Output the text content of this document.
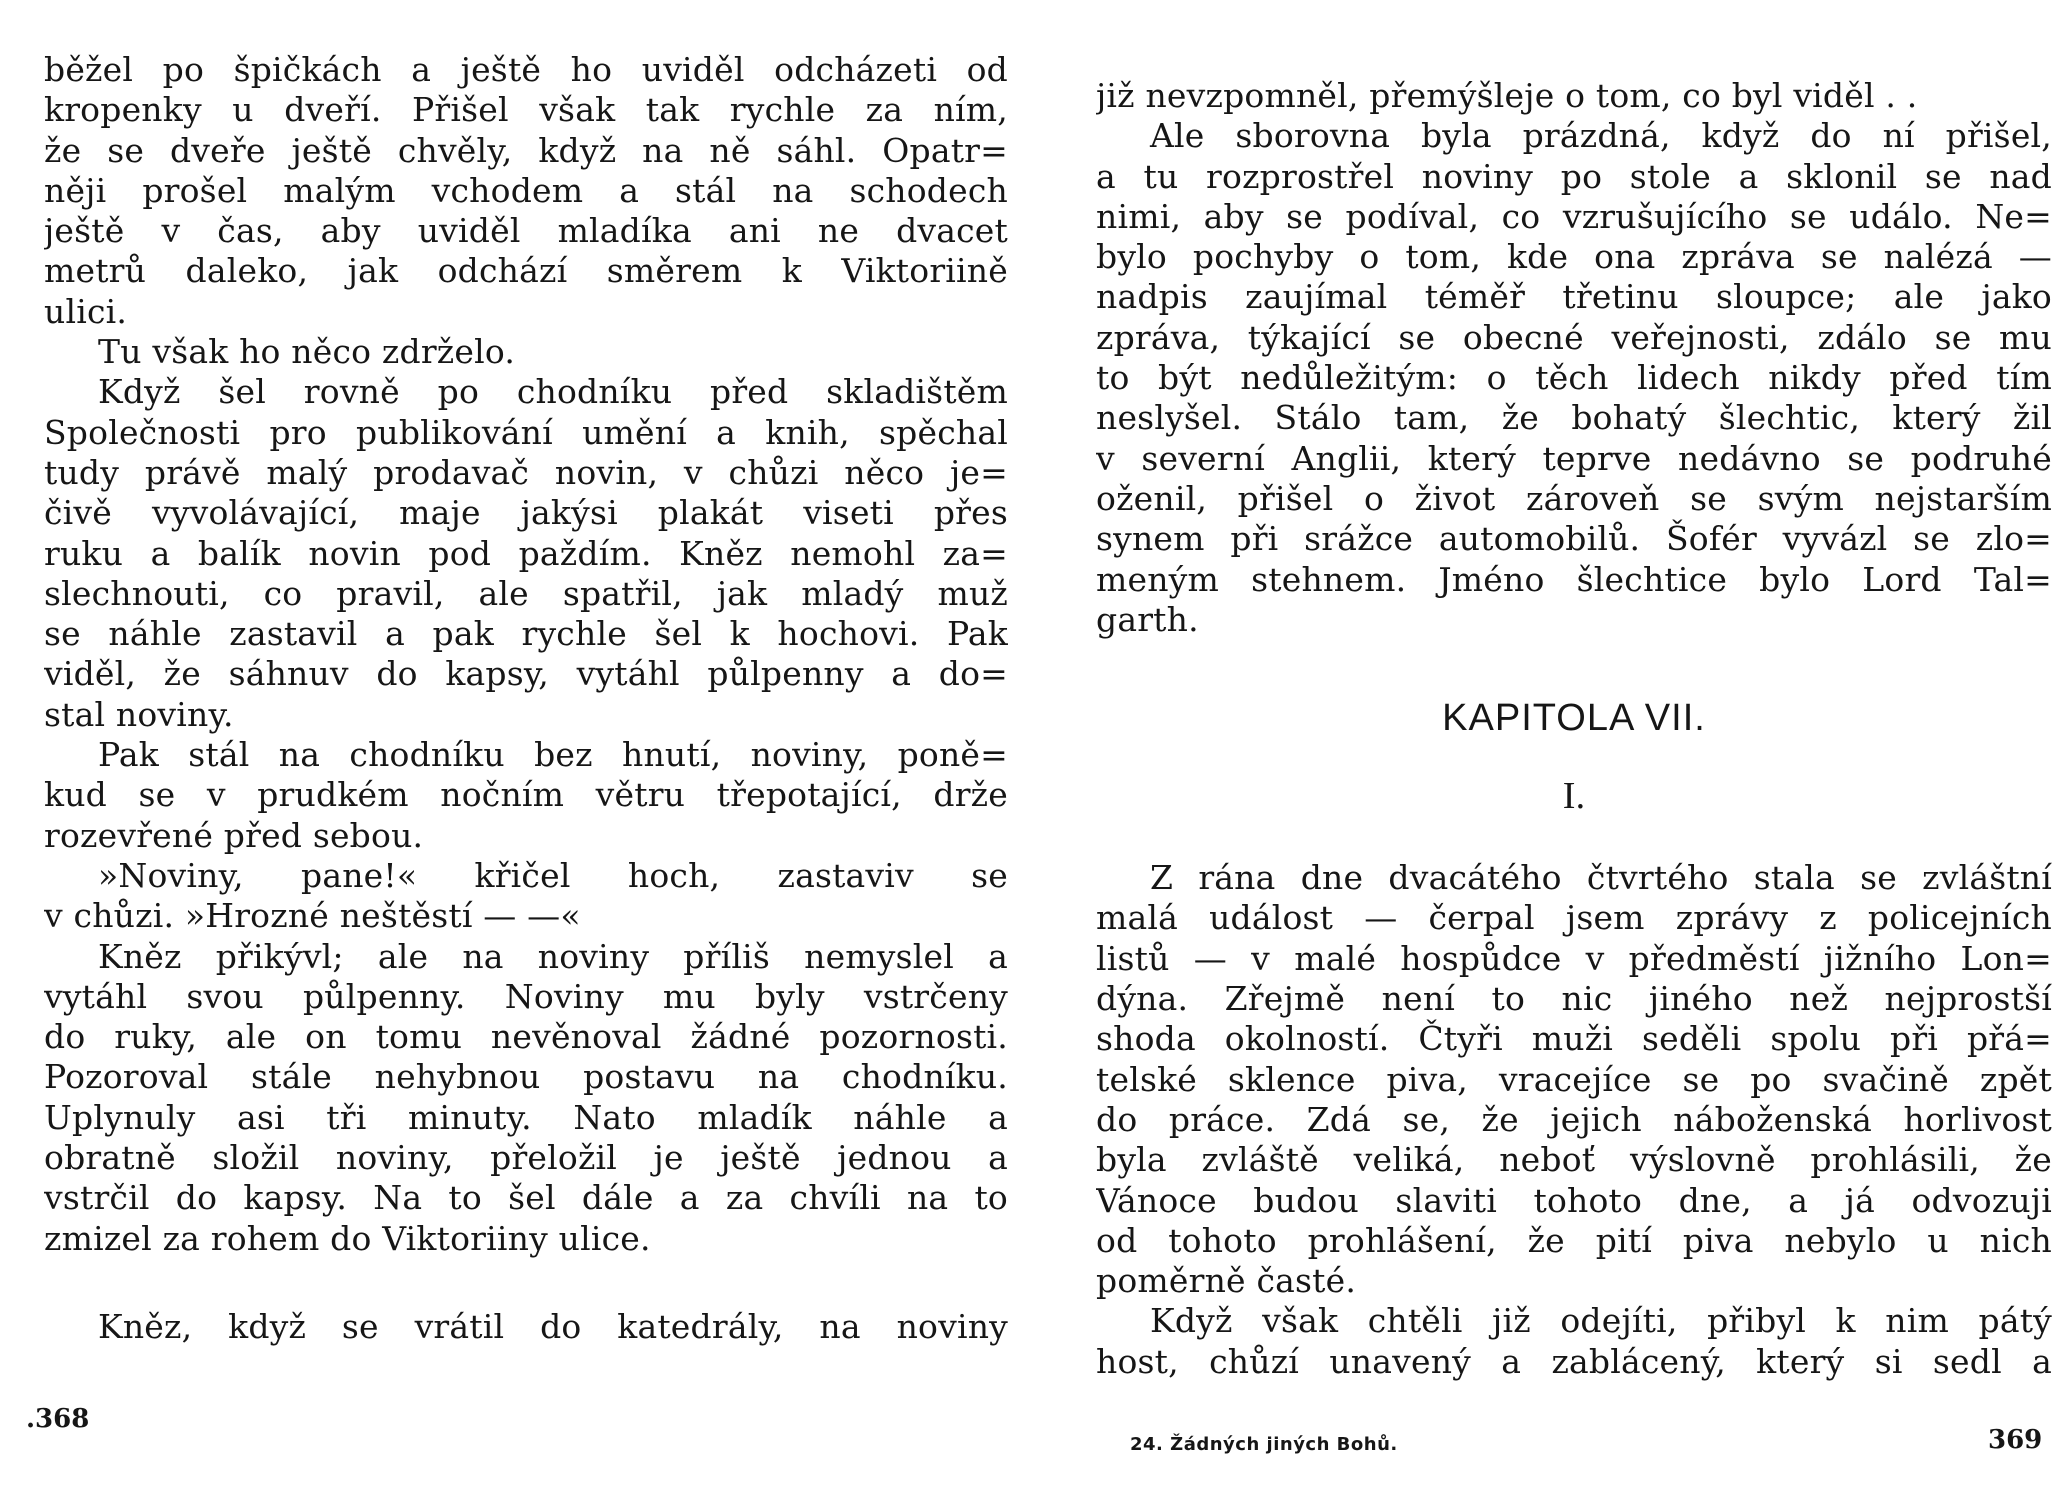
běžel po špičkách a ještě ho uviděl odcházeti od
kropenky u dveří. Přišel však tak rychle za ním,
že se dveře ještě chvěly, když na ně sáhl. Opatr=
něji prošel malým vchodem a stál na schodech
ještě v čas, aby uviděl mladíka ani ne dvacet
metrů daleko, jak odchází směrem k Viktoriině
ulici.
Tu však ho něco zdrželo.
Když šel rovně po chodníku před skladištěm
Společnosti pro publikování umění a knih, spěchal
tudy právě malý prodavač novin, v chůzi něco je=
čivě vyvolávající, maje jakýsi plakát viseti přes
ruku a balík novin pod paždím. Kněz nemohl za=
slechnouti, co pravil, ale spatřil, jak mladý muž
se náhle zastavil a pak rychle šel k hochovi. Pak
viděl, že sáhnuv do kapsy, vytáhl půlpenny a do=
stal noviny.
Pak stál na chodníku bez hnutí, noviny, poně=
kud se v prudkém nočním větru třepotající, drže
rozevřené před sebou.
»Noviny, pane!« křičel hoch, zastaviv se
v chůzi. »Hrozné neštěstí — —«
Kněz přikývl; ale na noviny příliš nemyslel a
vytáhl svou půlpenny. Noviny mu byly vstrčeny
do ruky, ale on tomu nevěnoval žádné pozornosti.
Pozoroval stále nehybnou postavu na chodníku.
Uplynuly asi tři minuty. Nato mladík náhle a
obratně složil noviny, přeložil je ještě jednou a
vstrčil do kapsy. Na to šel dále a za chvíli na to
zmizel za rohem do Viktoriiny ulice.
Kněz, když se vrátil do katedrály, na noviny
.368
již nevzpomněl, přemýšleje o tom, co byl viděl . .
Ale sborovna byla prázdná, když do ní přišel,
a tu rozprostřel noviny po stole a sklonil se nad
nimi, aby se podíval, co vzrušujícího se událo. Ne=
bylo pochyby o tom, kde ona zpráva se nalézá —
nadpis zaujímal téměř třetinu sloupce; ale jako
zpráva, týkající se obecné veřejnosti, zdálo se mu
to být nedůležitým: o těch lidech nikdy před tím
neslyšel. Stálo tam, že bohatý šlechtic, který žil
v severní Anglii, který teprve nedávno se podruhé
oženil, přišel o život zároveň se svým nejstarším
synem při srážce automobilů. Šofér vyvázl se zlo=
meným stehnem. Jméno šlechtice bylo Lord Tal=
garth.
KAPITOLA VII.
I.
Z rána dne dvacátého čtvrtého stala se zvláštní
malá událost — čerpal jsem zprávy z policejních
listů — v malé hospůdce v předměstí jižního Lon=
dýna. Zřejmě není to nic jiného než nejprostší
shoda okolností. Čtyři muži seděli spolu při přá=
telské sklence piva, vracejíce se po svačině zpět
do práce. Zdá se, že jejich náboženská horlivost
byla zvláště veliká, neboť výslovně prohlásili, že
Vánoce budou slaviti tohoto dne, a já odvozuji
od tohoto prohlášení, že pití piva nebylo u nich
poměrně časté.
Když však chtěli již odejíti, přibyl k nim pátý
host, chůzí unavený a zablácený, který si sedl a
24. Žádných jiných Bohů.	369
